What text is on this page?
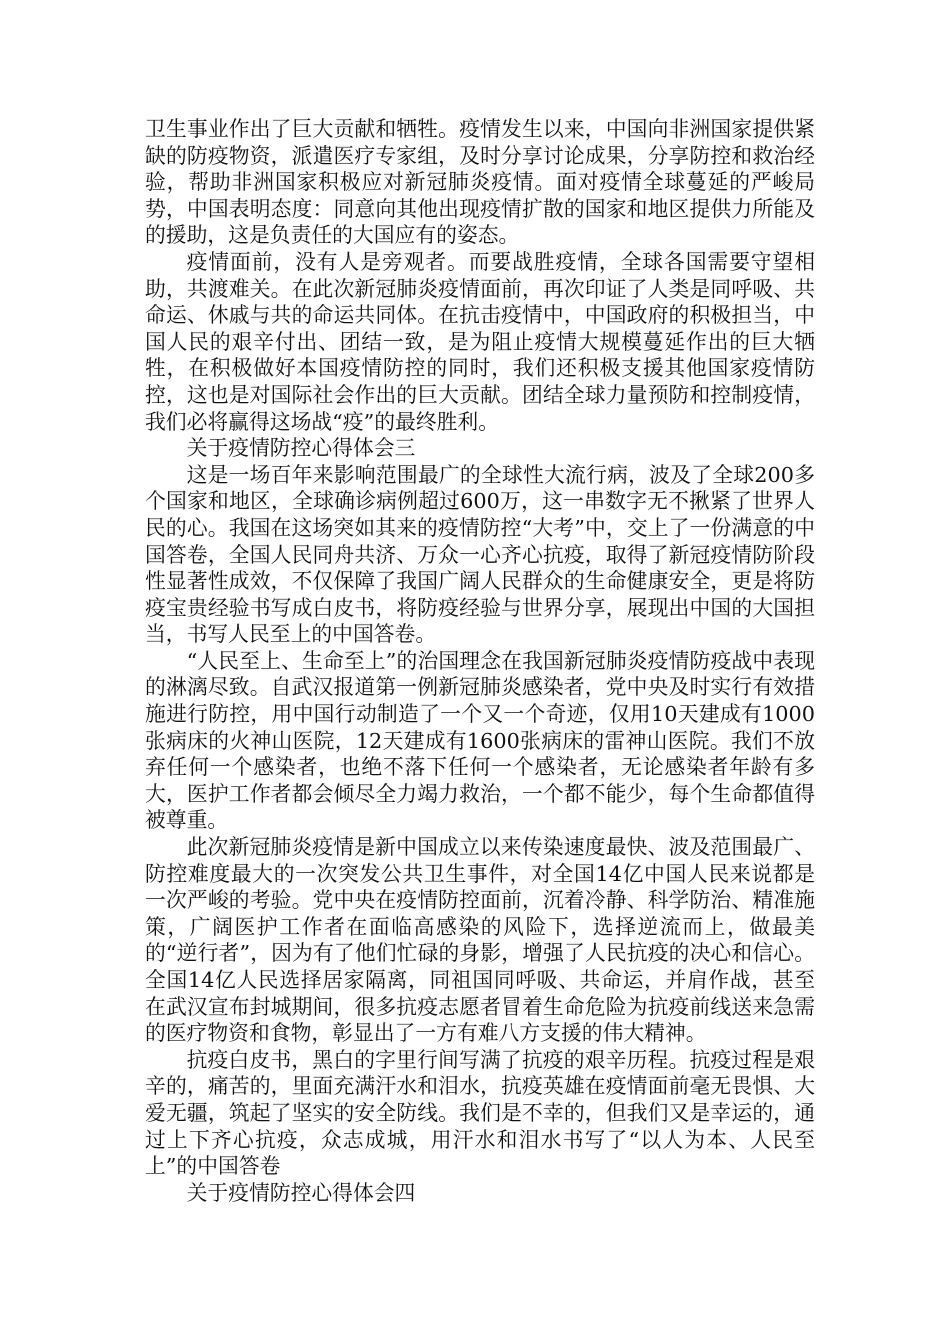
卫生事业作出了巨大贡献和牺牲。疫情发生以来，中国向非洲国家提供紧缺的防疫物资，派遣医疗专家组，及时分享讨论成果，分享防控和救治经验，帮助非洲国家积极应对新冠肺炎疫情。面对疫情全球蔓延的严峻局势，中国表明态度：同意向其他出现疫情扩散的国家和地区提供力所能及的援助，这是负责任的大国应有的姿态。

疫情面前，没有人是旁观者。而要战胜疫情，全球各国需要守望相助，共渡难关。在此次新冠肺炎疫情面前，再次印证了人类是同呼吸、共命运、休戚与共的命运共同体。在抗击疫情中，中国政府的积极担当，中国人民的艰辛付出、团结一致，是为阻止疫情大规模蔓延作出的巨大牺牲，在积极做好本国疫情防控的同时，我们还积极支援其他国家疫情防控，这也是对国际社会作出的巨大贡献。团结全球力量预防和控制疫情，我们必将赢得这场战“疫”的最终胜利。

关于疫情防控心得体会三

这是一场百年来影响范围最广的全球性大流行病，波及了全球200多个国家和地区，全球确诊病例超过600万，这一串数字无不揪紧了世界人民的心。我国在这场突如其来的疫情防控“大考”中，交上了一份满意的中国答卷，全国人民同舟共济、万众一心齐心抗疫，取得了新冠疫情防阶段性显著性成效，不仅保障了我国广阔人民群众的生命健康安全，更是将防疫宝贵经验书写成白皮书，将防疫经验与世界分享，展现出中国的大国担当，书写人民至上的中国答卷。

“人民至上、生命至上”的治国理念在我国新冠肺炎疫情防疫战中表现的淋漓尽致。自武汉报道第一例新冠肺炎感染者，党中央及时实行有效措施进行防控，用中国行动制造了一个又一个奇迹，仅用10天建成有1000张病床的火神山医院，12天建成有1600张病床的雷神山医院。我们不放弃任何一个感染者，也绝不落下任何一个感染者，无论感染者年龄有多大，医护工作者都会倾尽全力竭力救治，一个都不能少，每个生命都值得被尊重。

此次新冠肺炎疫情是新中国成立以来传染速度最快、波及范围最广、防控难度最大的一次突发公共卫生事件，对全国14亿中国人民来说都是一次严峻的考验。党中央在疫情防控面前，沉着冷静、科学防治、精准施策，广阔医护工作者在面临高感染的风险下，选择逆流而上，做最美的“逆行者”，因为有了他们忙碌的身影，增强了人民抗疫的决心和信心。全国14亿人民选择居家隔离，同祖国同呼吸、共命运，并肩作战，甚至在武汉宣布封城期间，很多抗疫志愿者冒着生命危险为抗疫前线送来急需的医疗物资和食物，彰显出了一方有难八方支援的伟大精神。

抗疫白皮书，黑白的字里行间写满了抗疫的艰辛历程。抗疫过程是艰辛的，痛苦的，里面充满汗水和泪水，抗疫英雄在疫情面前毫无畏惧、大爱无疆，筑起了坚实的安全防线。我们是不幸的，但我们又是幸运的，通过上下齐心抗疫，众志成城，用汗水和泪水书写了“以人为本、人民至上”的中国答卷

关于疫情防控心得体会四
